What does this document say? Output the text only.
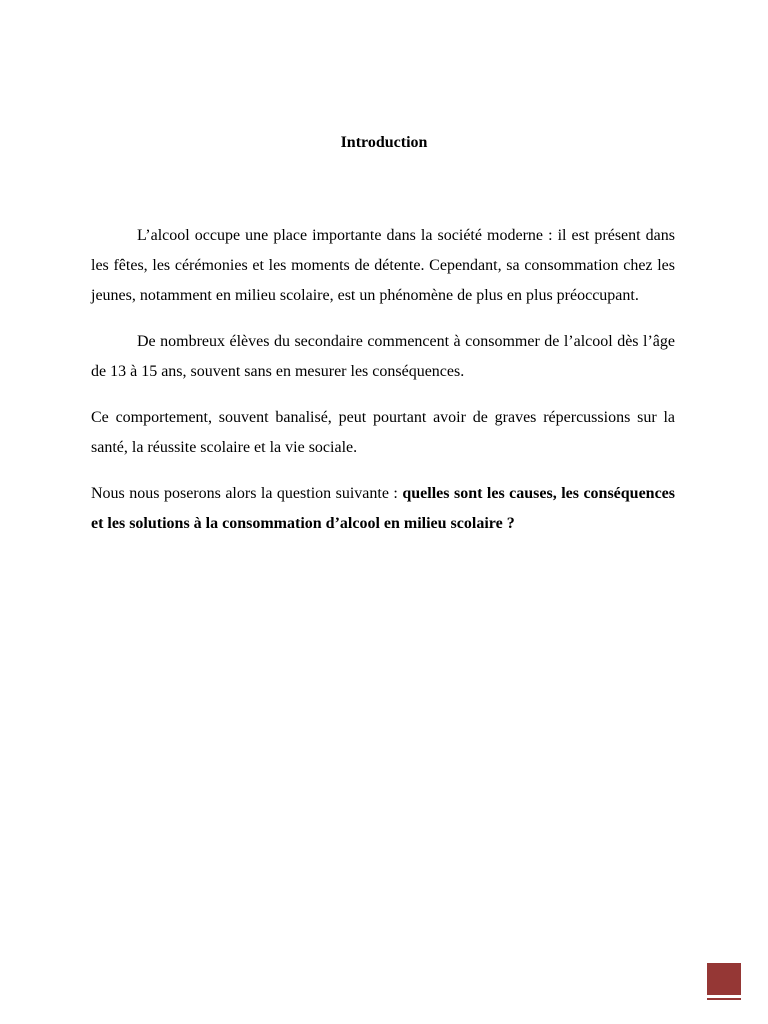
Introduction

L’alcool occupe une place importante dans la société moderne : il est présent dans les fêtes, les cérémonies et les moments de détente. Cependant, sa consommation chez les jeunes, notamment en milieu scolaire, est un phénomène de plus en plus préoccupant.

De nombreux élèves du secondaire commencent à consommer de l’alcool dès l’âge de 13 à 15 ans, souvent sans en mesurer les conséquences.

Ce comportement, souvent banalisé, peut pourtant avoir de graves répercussions sur la santé, la réussite scolaire et la vie sociale.

Nous nous poserons alors la question suivante : quelles sont les causes, les conséquences et les solutions à la consommation d’alcool en milieu scolaire ?
